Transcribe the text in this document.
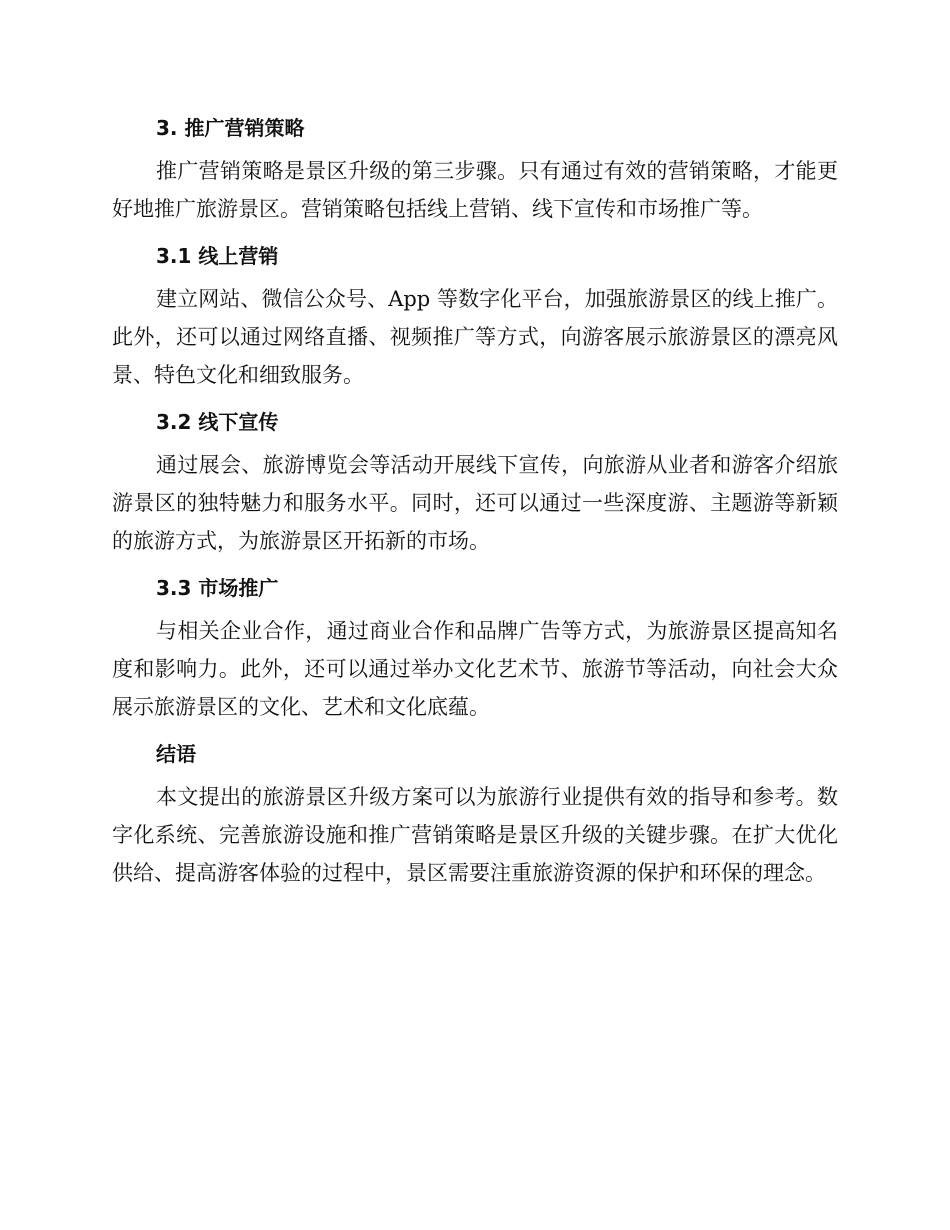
3. 推广营销策略

推广营销策略是景区升级的第三步骤。只有通过有效的营销策略，才能更好地推广旅游景区。营销策略包括线上营销、线下宣传和市场推广等。

3.1 线上营销

建立网站、微信公众号、App 等数字化平台，加强旅游景区的线上推广。此外，还可以通过网络直播、视频推广等方式，向游客展示旅游景区的漂亮风景、特色文化和细致服务。

3.2 线下宣传

通过展会、旅游博览会等活动开展线下宣传，向旅游从业者和游客介绍旅游景区的独特魅力和服务水平。同时，还可以通过一些深度游、主题游等新颖的旅游方式，为旅游景区开拓新的市场。

3.3 市场推广

与相关企业合作，通过商业合作和品牌广告等方式，为旅游景区提高知名度和影响力。此外，还可以通过举办文化艺术节、旅游节等活动，向社会大众展示旅游景区的文化、艺术和文化底蕴。

结语

本文提出的旅游景区升级方案可以为旅游行业提供有效的指导和参考。数字化系统、完善旅游设施和推广营销策略是景区升级的关键步骤。在扩大优化供给、提高游客体验的过程中，景区需要注重旅游资源的保护和环保的理念。
